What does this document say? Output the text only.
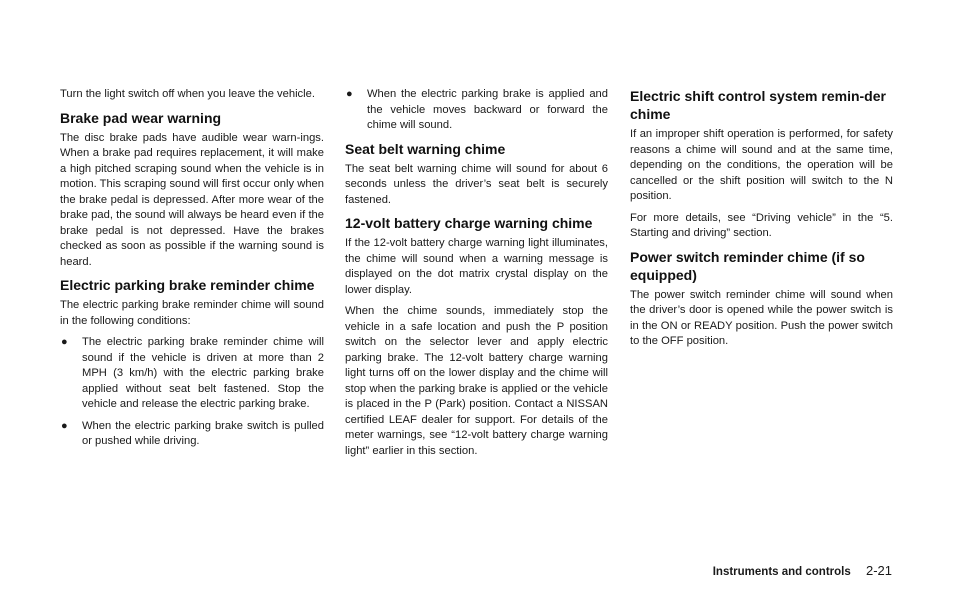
Turn the light switch off when you leave the vehicle.

Brake pad wear warning

The disc brake pads have audible wear warn-ings. When a brake pad requires replacement, it will make a high pitched scraping sound when the vehicle is in motion. This scraping sound will first occur only when the brake pedal is depressed. After more wear of the brake pad, the sound will always be heard even if the brake pedal is not depressed. Have the brakes checked as soon as possible if the warning sound is heard.

Electric parking brake reminder chime

The electric parking brake reminder chime will sound in the following conditions:

● The electric parking brake reminder chime will sound if the vehicle is driven at more than 2 MPH (3 km/h) with the electric parking brake applied without seat belt fastened. Stop the vehicle and release the electric parking brake.
● When the electric parking brake switch is pulled or pushed while driving.
● When the electric parking brake is applied and the vehicle moves backward or forward the chime will sound.
Seat belt warning chime

The seat belt warning chime will sound for about 6 seconds unless the driver’s seat belt is securely fastened.

12-volt battery charge warning chime

If the 12-volt battery charge warning light illuminates, the chime will sound when a warning message is displayed on the dot matrix crystal display on the lower display.

When the chime sounds, immediately stop the vehicle in a safe location and push the P position switch on the selector lever and apply electric parking brake. The 12-volt battery charge warning light turns off on the lower display and the chime will stop when the parking brake is applied or the vehicle is placed in the P (Park) position. Contact a NISSAN certified LEAF dealer for support. For details of the meter warnings, see “12-volt battery charge warning light” earlier in this section.

Electric shift control system remin-der chime

If an improper shift operation is performed, for safety reasons a chime will sound and at the same time, depending on the conditions, the operation will be cancelled or the shift position will switch to the N position.

For more details, see “Driving vehicle” in the “5. Starting and driving” section.

Power switch reminder chime (if so equipped)

The power switch reminder chime will sound when the driver’s door is opened while the power switch is in the ON or READY position. Push the power switch to the OFF position.

Instruments and controls 2-21
